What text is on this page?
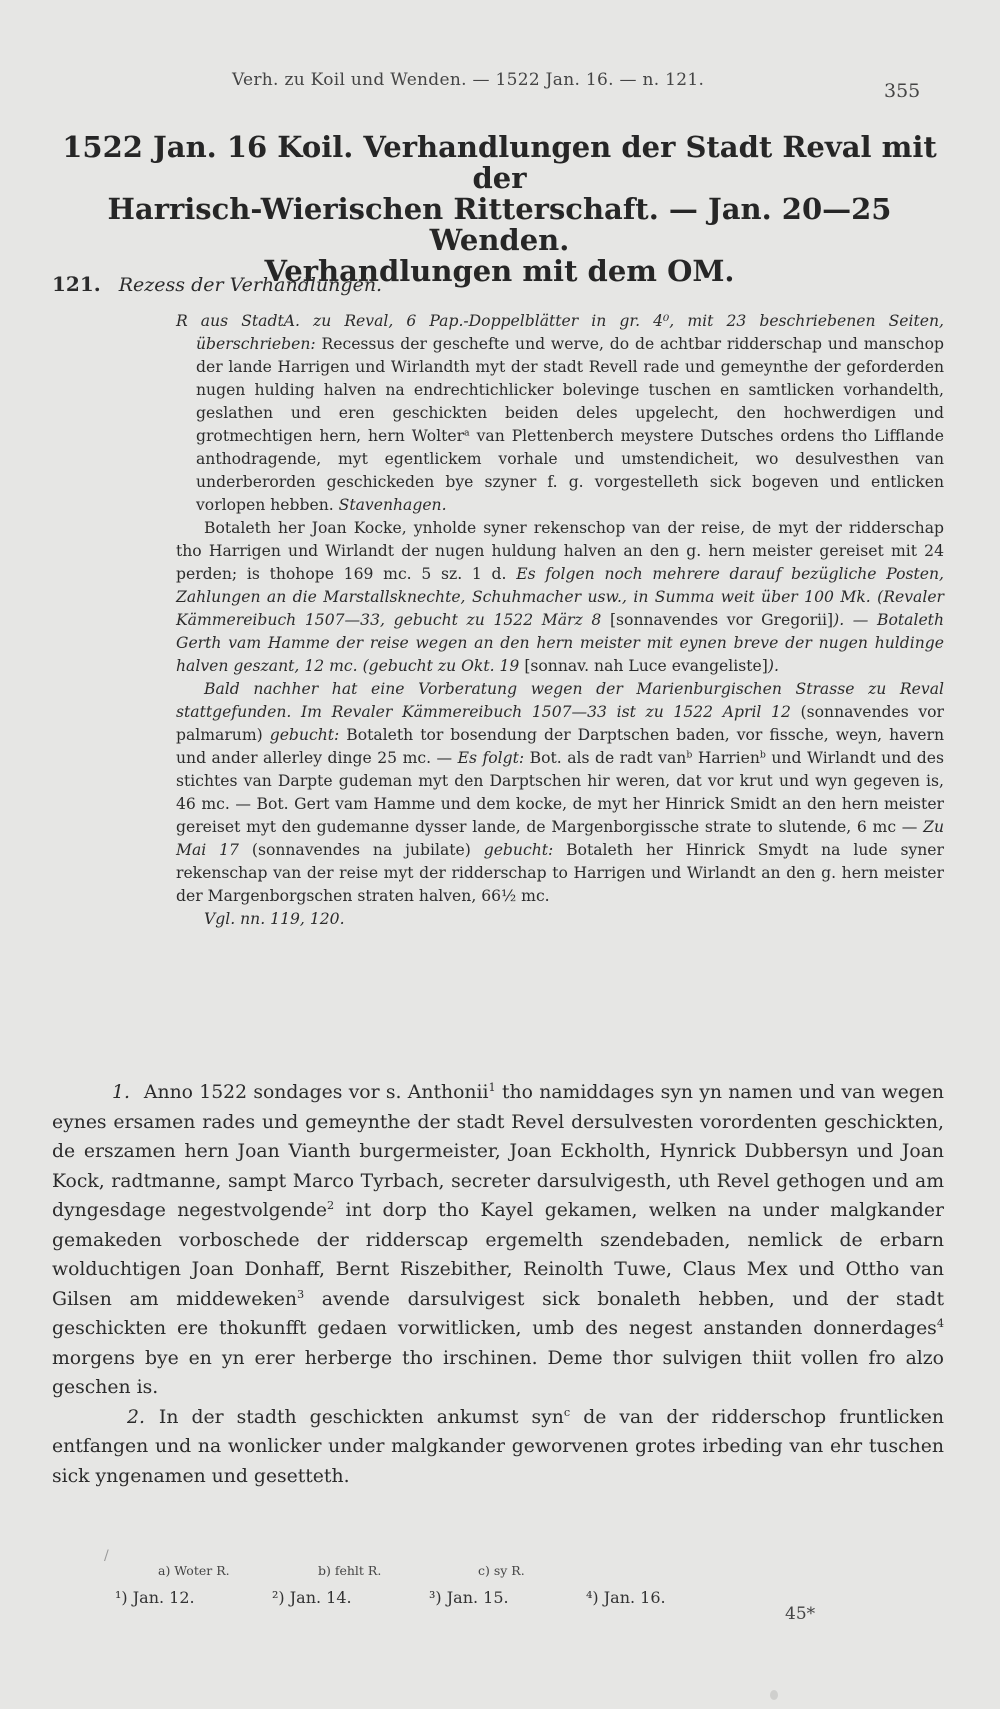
Verh. zu Koil und Wenden. — 1522 Jan. 16. — n. 121.	355
1522 Jan. 16 Koil. Verhandlungen der Stadt Reval mit der
Harrisch-Wierischen Ritterschaft. — Jan. 20—25 Wenden.
Verhandlungen mit dem OM.
121. Rezess der Verhandlungen.

R aus StadtA. zu Reval, 6 Pap.-Doppelblätter in gr. 4⁰, mit 23 beschriebenen Seiten, überschrieben: Recessus der geschefte und werve, do de achtbar ridderschap und manschop der lande Harrigen und Wirlandth myt der stadt Revell rade und gemeynthe der geforderden nugen hulding halven na endrechtichlicker bolevinge tuschen en samtlicken vorhandelth, geslathen und eren geschickten beiden deles upgelecht, den hochwerdigen und grotmechtigen hern, hern Wolter$^a$ van Plettenberch meystere Dutsches ordens tho Lifflande anthodragende, myt egentlickem vorhale und umstendicheit, wo desulvesthen van underberorden geschickeden bye szyner f. g. vorgestelleth sick bogeven und entlicken vorlopen hebben. Stavenhagen.

Botaleth her Joan Kocke, ynholde syner rekenschop van der reise, de myt der ridderschap tho Harrigen und Wirlandt der nugen huldung halven an den g. hern meister gereiset mit 24 perden; is thohope 169 mc. 5 sz. 1 d. Es folgen noch mehrere darauf bezügliche Posten, Zahlungen an die Marstallsknechte, Schuhmacher usw., in Summa weit über 100 Mk. (Revaler Kämmereibuch 1507—33, gebucht zu 1522 März 8 [sonnavendes vor Gregorii]). — Botaleth Gerth vam Hamme der reise wegen an den hern meister mit eynen breve der nugen huldinge halven geszant, 12 mc. (gebucht zu Okt. 19 [sonnav. nah Luce evangeliste]).

Bald nachher hat eine Vorberatung wegen der Marienburgischen Strasse zu Reval stattgefunden. Im Revaler Kämmereibuch 1507—33 ist zu 1522 April 12 (sonnavendes vor palmarum) gebucht: Botaleth tor bosendung der Darptschen baden, vor fissche, weyn, havern und ander allerley dinge 25 mc. — Es folgt: Bot. als de radt van$^b$ Harrien$^b$ und Wirlandt und des stichtes van Darpte gudeman myt den Darptschen hir weren, dat vor krut und wyn gegeven is, 46 mc. — Bot. Gert vam Hamme und dem kocke, de myt her Hinrick Smidt an den hern meister gereiset myt den gudemanne dysser lande, de Margenborgissche strate to slutende, 6 mc — Zu Mai 17 (sonnavendes na jubilate) gebucht: Botaleth her Hinrick Smydt na lude syner rekenschap van der reise myt der ridderschap to Harrigen und Wirlandt an den g. hern meister der Margenborgschen straten halven, 66½ mc.

Vgl. nn. 119, 120.

1. Anno 1522 sondages vor s. Anthonii$^1$ tho namiddages syn yn namen und van wegen eynes ersamen rades und gemeynthe der stadt Revel dersulvesten vorordenten geschickten, de erszamen hern Joan Vianth burgermeister, Joan Eckholth, Hynrick Dubbersyn und Joan Kock, radtmanne, sampt Marco Tyrbach, secreter darsulvigesth, uth Revel gethogen und am dyngesdage negestvolgende$^2$ int dorp tho Kayel gekamen, welken na under malgkander gemakeden vorboschede der ridderscap ergemelth szendebaden, nemlick de erbarn wolduchtigen Joan Donhaff, Bernt Riszebither, Reinolth Tuwe, Claus Mex und Ottho van Gilsen am middeweken$^3$ avende darsulvigest sick bonaleth hebben, und der stadt geschickten ere thokunfft gedaen vorwitlicken, umb des negest anstanden donnerdages$^4$ morgens bye en yn erer herberge tho irschinen. Deme thor sulvigen thiit vollen fro alzo geschen is.

2. In der stadth geschickten ankumst syn$^c$ de van der ridderschop fruntlicken entfangen und na wonlicker under malgkander geworvenen grotes irbeding van ehr tuschen sick yngenamen und gesetteth.

/
a) Woter R.	b) fehlt R.	c) sy R.
¹) Jan. 12.	²) Jan. 14.	³) Jan. 15.	⁴) Jan. 16.
45*
